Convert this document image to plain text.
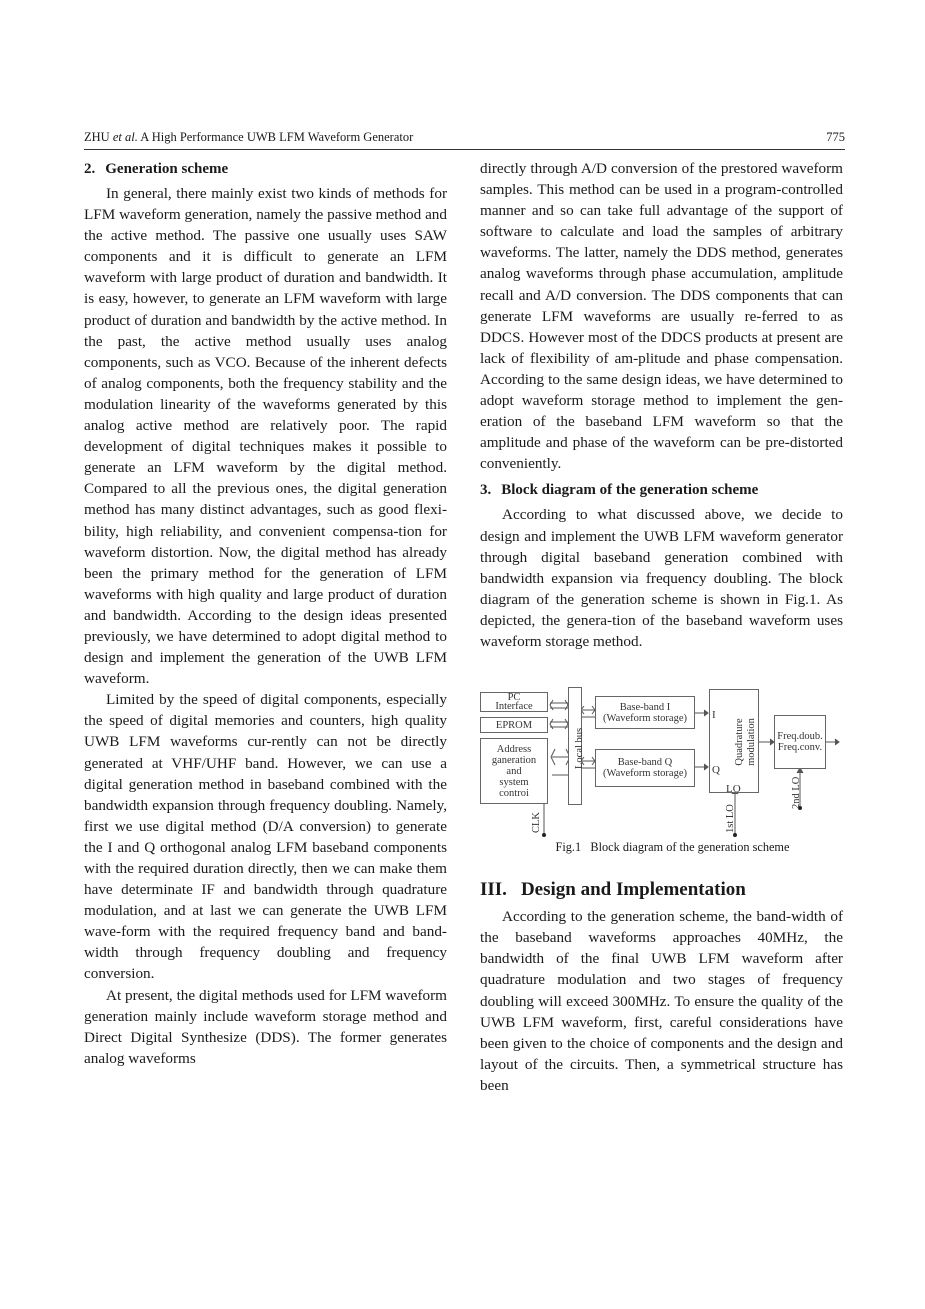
ZHU et al. A High Performance UWB LFM Waveform Generator	775
2. Generation scheme

In general, there mainly exist two kinds of methods for LFM waveform generation, namely the passive method and the active method. The passive one usually uses SAW components and it is difficult to generate an LFM waveform with large product of duration and bandwidth. It is easy, however, to generate an LFM waveform with large product of duration and bandwidth by the active method. In the past, the active method usually uses analog components, such as VCO. Because of the inherent defects of analog components, both the frequency stability and the modulation linearity of the waveforms generated by this analog active method are relatively poor. The rapid development of digital techniques makes it possible to generate an LFM waveform by the digital method. Compared to all the previous ones, the digital generation method has many distinct advantages, such as good flexi-bility, high reliability, and convenient compensa-tion for waveform distortion. Now, the digital method has already been the primary method for the generation of LFM waveforms with high quality and large product of duration and bandwidth. According to the design ideas presented previously, we have determined to adopt digital method to design and implement the generation of the UWB LFM waveform.

Limited by the speed of digital components, especially the speed of digital memories and counters, high quality UWB LFM waveforms cur-rently can not be directly generated at VHF/UHF band. However, we can use a digital generation method in baseband combined with the bandwidth expansion through frequency doubling. Namely, first we use digital method (D/A conversion) to generate the I and Q orthogonal analog LFM baseband components with the required duration directly, then we can make them have determinate IF and bandwidth through quadrature modulation, and at last we can generate the UWB LFM wave-form with the required frequency band and band-width through frequency doubling and frequency conversion.

At present, the digital methods used for LFM waveform generation mainly include waveform storage method and Direct Digital Synthesize (DDS). The former generates analog waveforms

directly through A/D conversion of the prestored waveform samples. This method can be used in a program-controlled manner and so can take full advantage of the support of software to calculate and load the samples of arbitrary waveforms. The latter, namely the DDS method, generates analog waveforms through phase accumulation, amplitude recall and A/D conversion. The DDS components that can generate LFM waveforms are usually re-ferred to as DDCS. However most of the DDCS products at present are lack of flexibility of am-plitude and phase compensation. According to the same design ideas, we have determined to adopt waveform storage method to implement the gen-eration of the baseband LFM waveform so that the amplitude and phase of the waveform can be pre-distorted conveniently.

3. Block diagram of the generation scheme

According to what discussed above, we decide to design and implement the UWB LFM waveform generator through digital baseband generation combined with bandwidth expansion via frequency doubling. The block diagram of the generation scheme is shown in Fig.1. As depicted, the genera-tion of the baseband waveform uses waveform storage method.

PC
Interface
EPROM
Address
ganeration
and
system
controi
Local bus
Base-band I
(Waveform storage)
Base-band Q
(Waveform storage)
Quadrature modulation
I
Q
LO
Freq.doub.
Freq.conv.
CLK	1st LO
2nd LO

Fig.1 Block diagram of the generation scheme

III. Design and Implementation

According to the generation scheme, the band-width of the baseband waveforms approaches 40MHz, the bandwidth of the final UWB LFM waveform after quadrature modulation and two stages of frequency doubling will exceed 300MHz. To ensure the quality of the UWB LFM waveform, first, careful considerations have been given to the choice of components and the design and layout of the circuits. Then, a symmetrical structure has been
